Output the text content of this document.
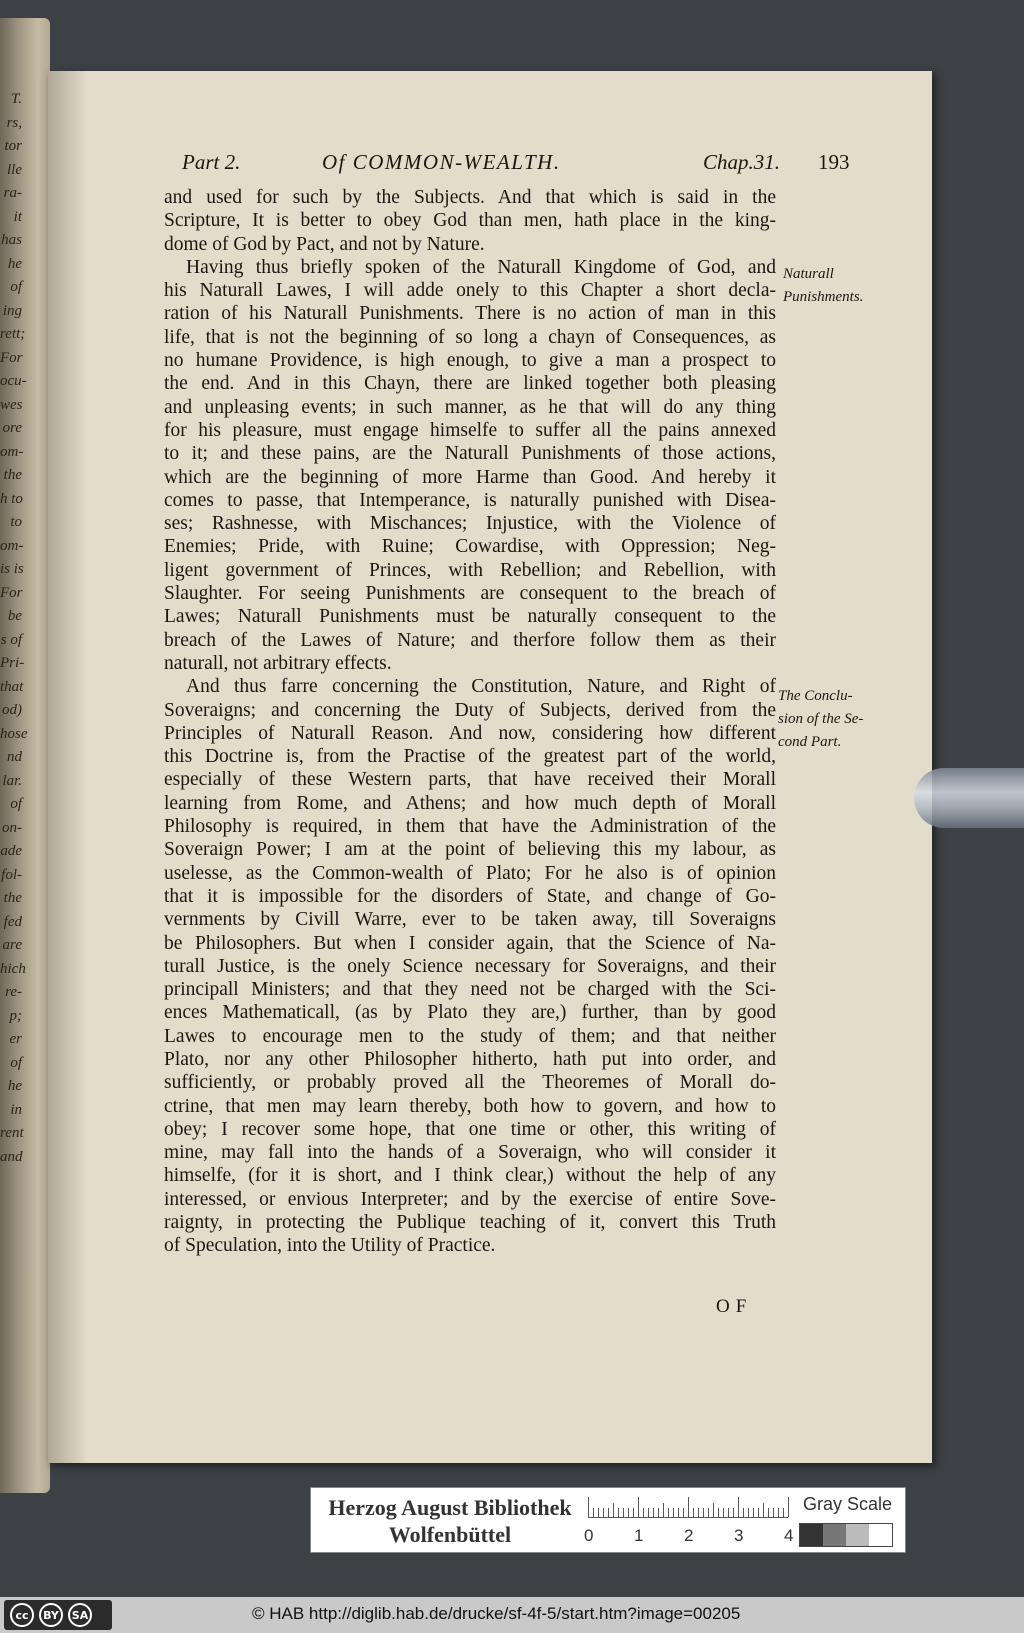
T.
rs,
tor
lle
ra-
it
has
he
of
ing
rett;
For
ocu-
wes
ore
om-
the
h to
to
om-
is is
For
be
s of
Pri-
that
od)
hose
nd
lar.
of
on-
ade
fol-
the
fed
are
hich
re-
p;
er
of
he
in
rent
and
Part 2.	Of COMMON-WEALTH.	Chap.31. 193
and used for such by the Subjects. And that which is said in the
Scripture, It is better to obey God than men, hath place in the king-
dome of God by Pact, and not by Nature.
Having thus briefly spoken of the Naturall Kingdome of God, and
his Naturall Lawes, I will adde onely to this Chapter a short decla-
ration of his Naturall Punishments. There is no action of man in this
life, that is not the beginning of so long a chayn of Consequences, as
no humane Providence, is high enough, to give a man a prospect to
the end. And in this Chayn, there are linked together both pleasing
and unpleasing events; in such manner, as he that will do any thing
for his pleasure, must engage himselfe to suffer all the pains annexed
to it; and these pains, are the Naturall Punishments of those actions,
which are the beginning of more Harme than Good. And hereby it
comes to passe, that Intemperance, is naturally punished with Disea-
ses; Rashnesse, with Mischances; Injustice, with the Violence of
Enemies; Pride, with Ruine; Cowardise, with Oppression; Neg-
ligent government of Princes, with Rebellion; and Rebellion, with
Slaughter. For seeing Punishments are consequent to the breach of
Lawes; Naturall Punishments must be naturally consequent to the
breach of the Lawes of Nature; and therfore follow them as their
naturall, not arbitrary effects.
And thus farre concerning the Constitution, Nature, and Right of
Soveraigns; and concerning the Duty of Subjects, derived from the
Principles of Naturall Reason. And now, considering how different
this Doctrine is, from the Practise of the greatest part of the world,
especially of these Western parts, that have received their Morall
learning from Rome, and Athens; and how much depth of Morall
Philosophy is required, in them that have the Administration of the
Soveraign Power; I am at the point of believing this my labour, as
uselesse, as the Common-wealth of Plato; For he also is of opinion
that it is impossible for the disorders of State, and change of Go-
vernments by Civill Warre, ever to be taken away, till Soveraigns
be Philosophers. But when I consider again, that the Science of Na-
turall Justice, is the onely Science necessary for Soveraigns, and their
principall Ministers; and that they need not be charged with the Sci-
ences Mathematicall, (as by Plato they are,) further, than by good
Lawes to encourage men to the study of them; and that neither
Plato, nor any other Philosopher hitherto, hath put into order, and
sufficiently, or probably proved all the Theoremes of Morall do-
ctrine, that men may learn thereby, both how to govern, and how to
obey; I recover some hope, that one time or other, this writing of
mine, may fall into the hands of a Soveraign, who will consider it
himselfe, (for it is short, and I think clear,) without the help of any
interessed, or envious Interpreter; and by the exercise of entire Sove-
raignty, in protecting the Publique teaching of it, convert this Truth
of Speculation, into the Utility of Practice.
Naturall
Punishments.
The Conclu-
sion of the Se-
cond Part.
OF
Herzog August Bibliothek
Wolfenbüttel	0 1 2 3 4
Gray Scale
cc	BY	SA	© HAB http://diglib.hab.de/drucke/sf-4f-5/start.htm?image=00205
